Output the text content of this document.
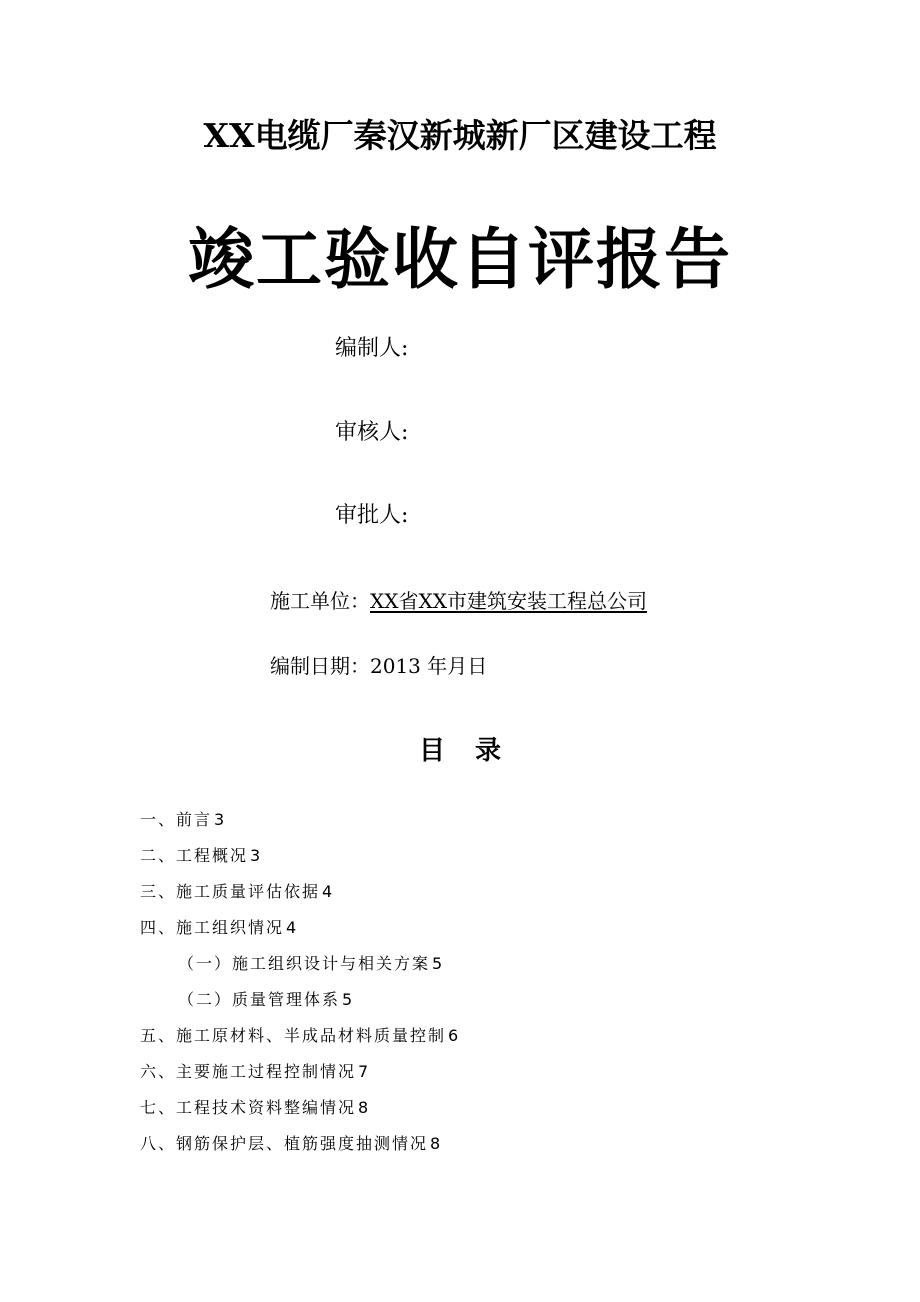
XX电缆厂秦汉新城新厂区建设工程
竣工验收自评报告
编制人:
审核人:
审批人:
施工单位：XX省XX市建筑安装工程总公司
编制日期：2013 年月日
目 录
一、前言 3
二、工程概况 3
三、施工质量评估依据 4
四、施工组织情况 4
（一）施工组织设计与相关方案 5
（二）质量管理体系 5
五、施工原材料、半成品材料质量控制 6
六、主要施工过程控制情况 7
七、工程技术资料整编情况 8
八、钢筋保护层、植筋强度抽测情况 8
